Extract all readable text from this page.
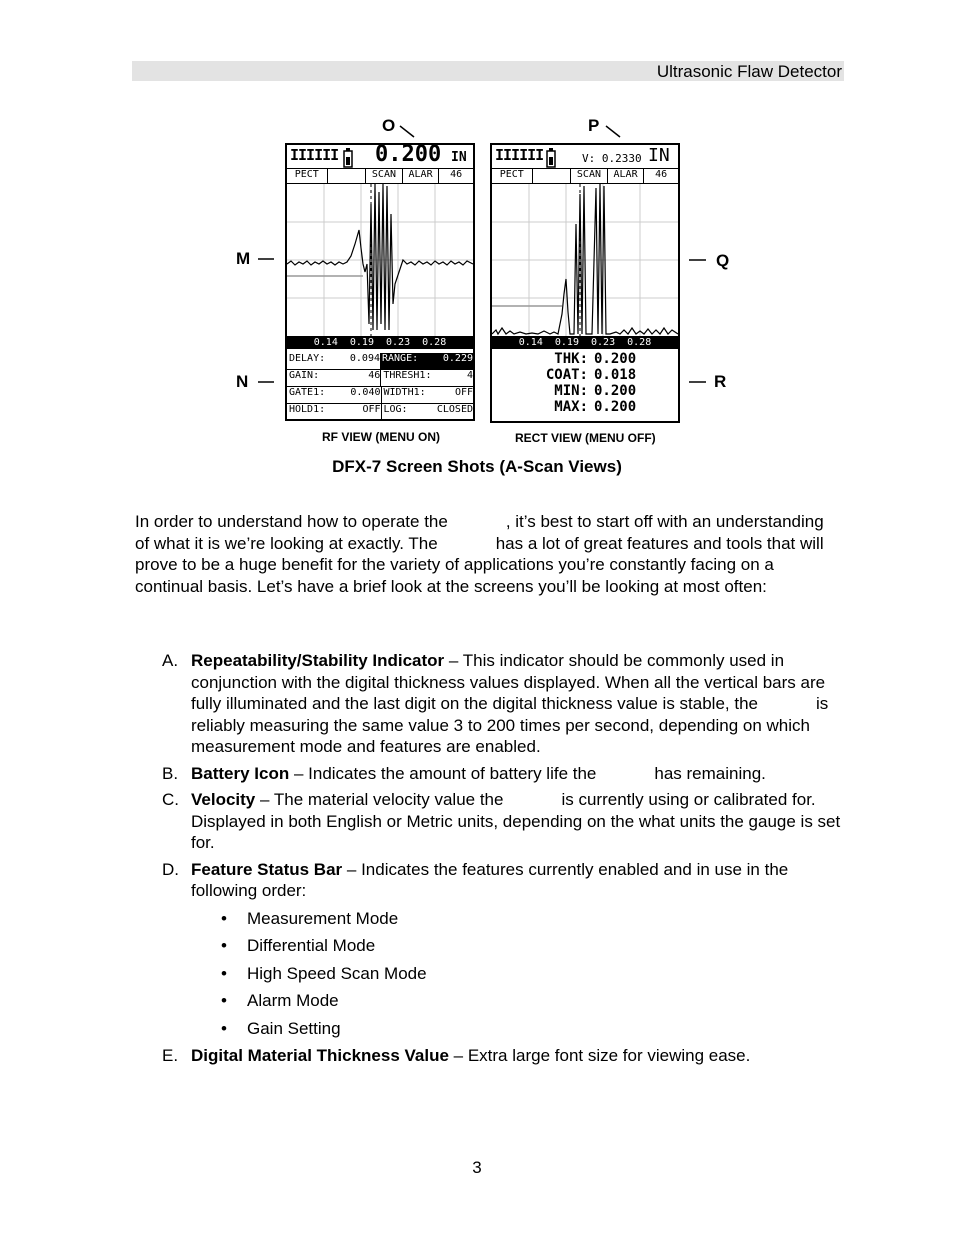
Ultrasonic Flaw Detector
O	P
M
N
Q
R
IIIIII 0.200 IN
PECT	SCAN	ALAR	46
0.14  0.19  0.23  0.28
DELAY:	0.094 RANGE:	0.229
GAIN:	46 THRESH1:	4
GATE1:	0.040 WIDTH1:	OFF
HOLD1:	OFF LOG:	CLOSED
RF VIEW (MENU ON)
IIIIII	V: 0.2330 IN
PECT	SCAN	ALAR	46
0.14  0.19  0.23  0.28
THK: 0.200
COAT: 0.018
MIN: 0.200
MAX: 0.200
RECT VIEW (MENU OFF)
DFX-7 Screen Shots (A-Scan Views)
In order to understand how to operate the	, it’s best to start off with an understanding of what it is we’re looking at exactly. The	has a lot of great features and tools that will prove to be a huge benefit for the variety of applications you’re constantly facing on a continual basis. Let’s have a brief look at the screens you’ll be looking at most often:
A. Repeatability/Stability Indicator – This indicator should be commonly used in conjunction with the digital thickness values displayed. When all the vertical bars are fully illuminated and the last digit on the digital thickness value is stable, the	is reliably measuring the same value 3 to 200 times per second, depending on which measurement mode and features are enabled.
B. Battery Icon – Indicates the amount of battery life the	has remaining.
C. Velocity – The material velocity value the	is currently using or calibrated for. Displayed in both English or Metric units, depending on the what units the gauge is set for.
D. Feature Status Bar – Indicates the features currently enabled and in use in the following order:
• Measurement Mode
• Differential Mode
• High Speed Scan Mode
• Alarm Mode
• Gain Setting
E. Digital Material Thickness Value – Extra large font size for viewing ease.
3
